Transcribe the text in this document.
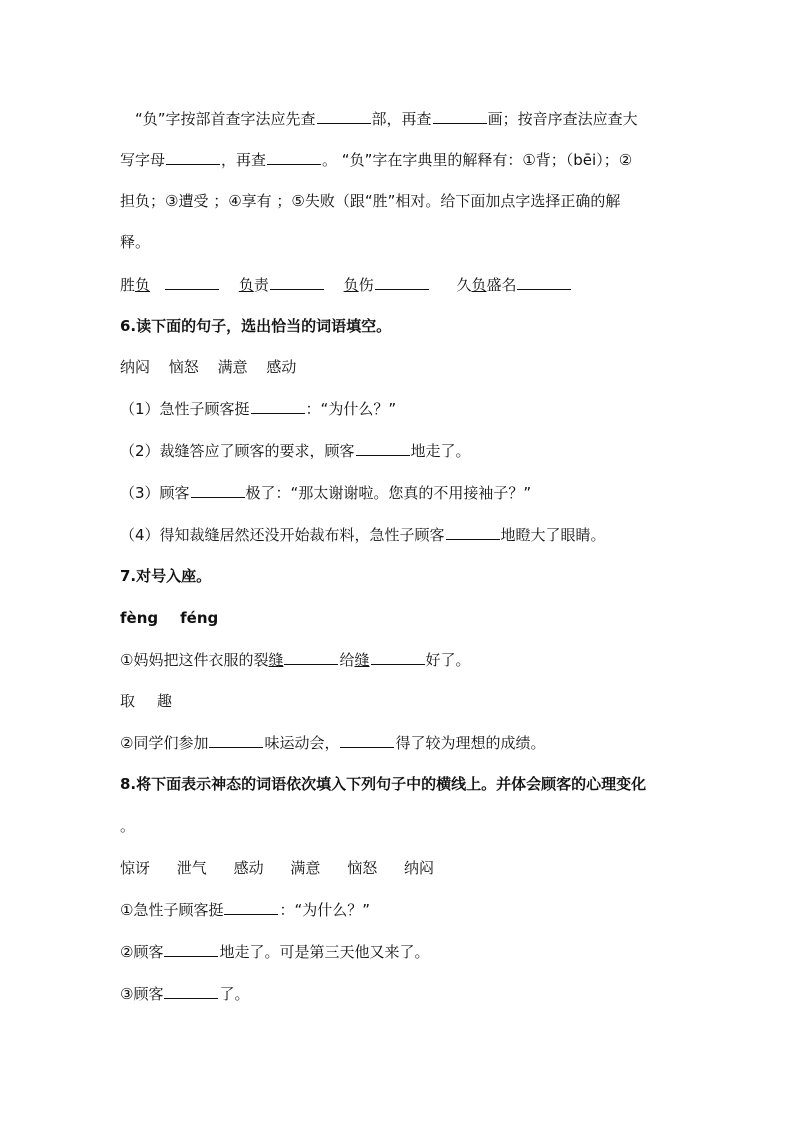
“负”字按部首查字法应先查	部，再查	画；按音序查法应查大
写字母	，再查	。 “负”字在字典里的解释有：①背；（bēi）；②
担负；③遭受 ；④享有 ；⑤失败（跟“胜”相对。给下面加点字选择正确的解
释。
胜负	负责	负伤	久负盛名
6.读下面的句子，选出恰当的词语填空。
纳闷 恼怒 满意 感动
（1）急性子顾客挺	：“为什么？”
（2）裁缝答应了顾客的要求，顾客	地走了。
（3）顾客	极了：“那太谢谢啦。您真的不用接袖子？”
（4）得知裁缝居然还没开始裁布料，急性子顾客	地瞪大了眼睛。
7.对号入座。
fèng féng
①妈妈把这件衣服的裂缝	给缝	好了。
取 趣
②同学们参加	味运动会，	得了较为理想的成绩。
8.将下面表示神态的词语依次填入下列句子中的横线上。并体会顾客的心理变化
。
惊讶 泄气 感动 满意 恼怒 纳闷
①急性子顾客挺	：“为什么？”
②顾客	地走了。可是第三天他又来了。
③顾客	了。
